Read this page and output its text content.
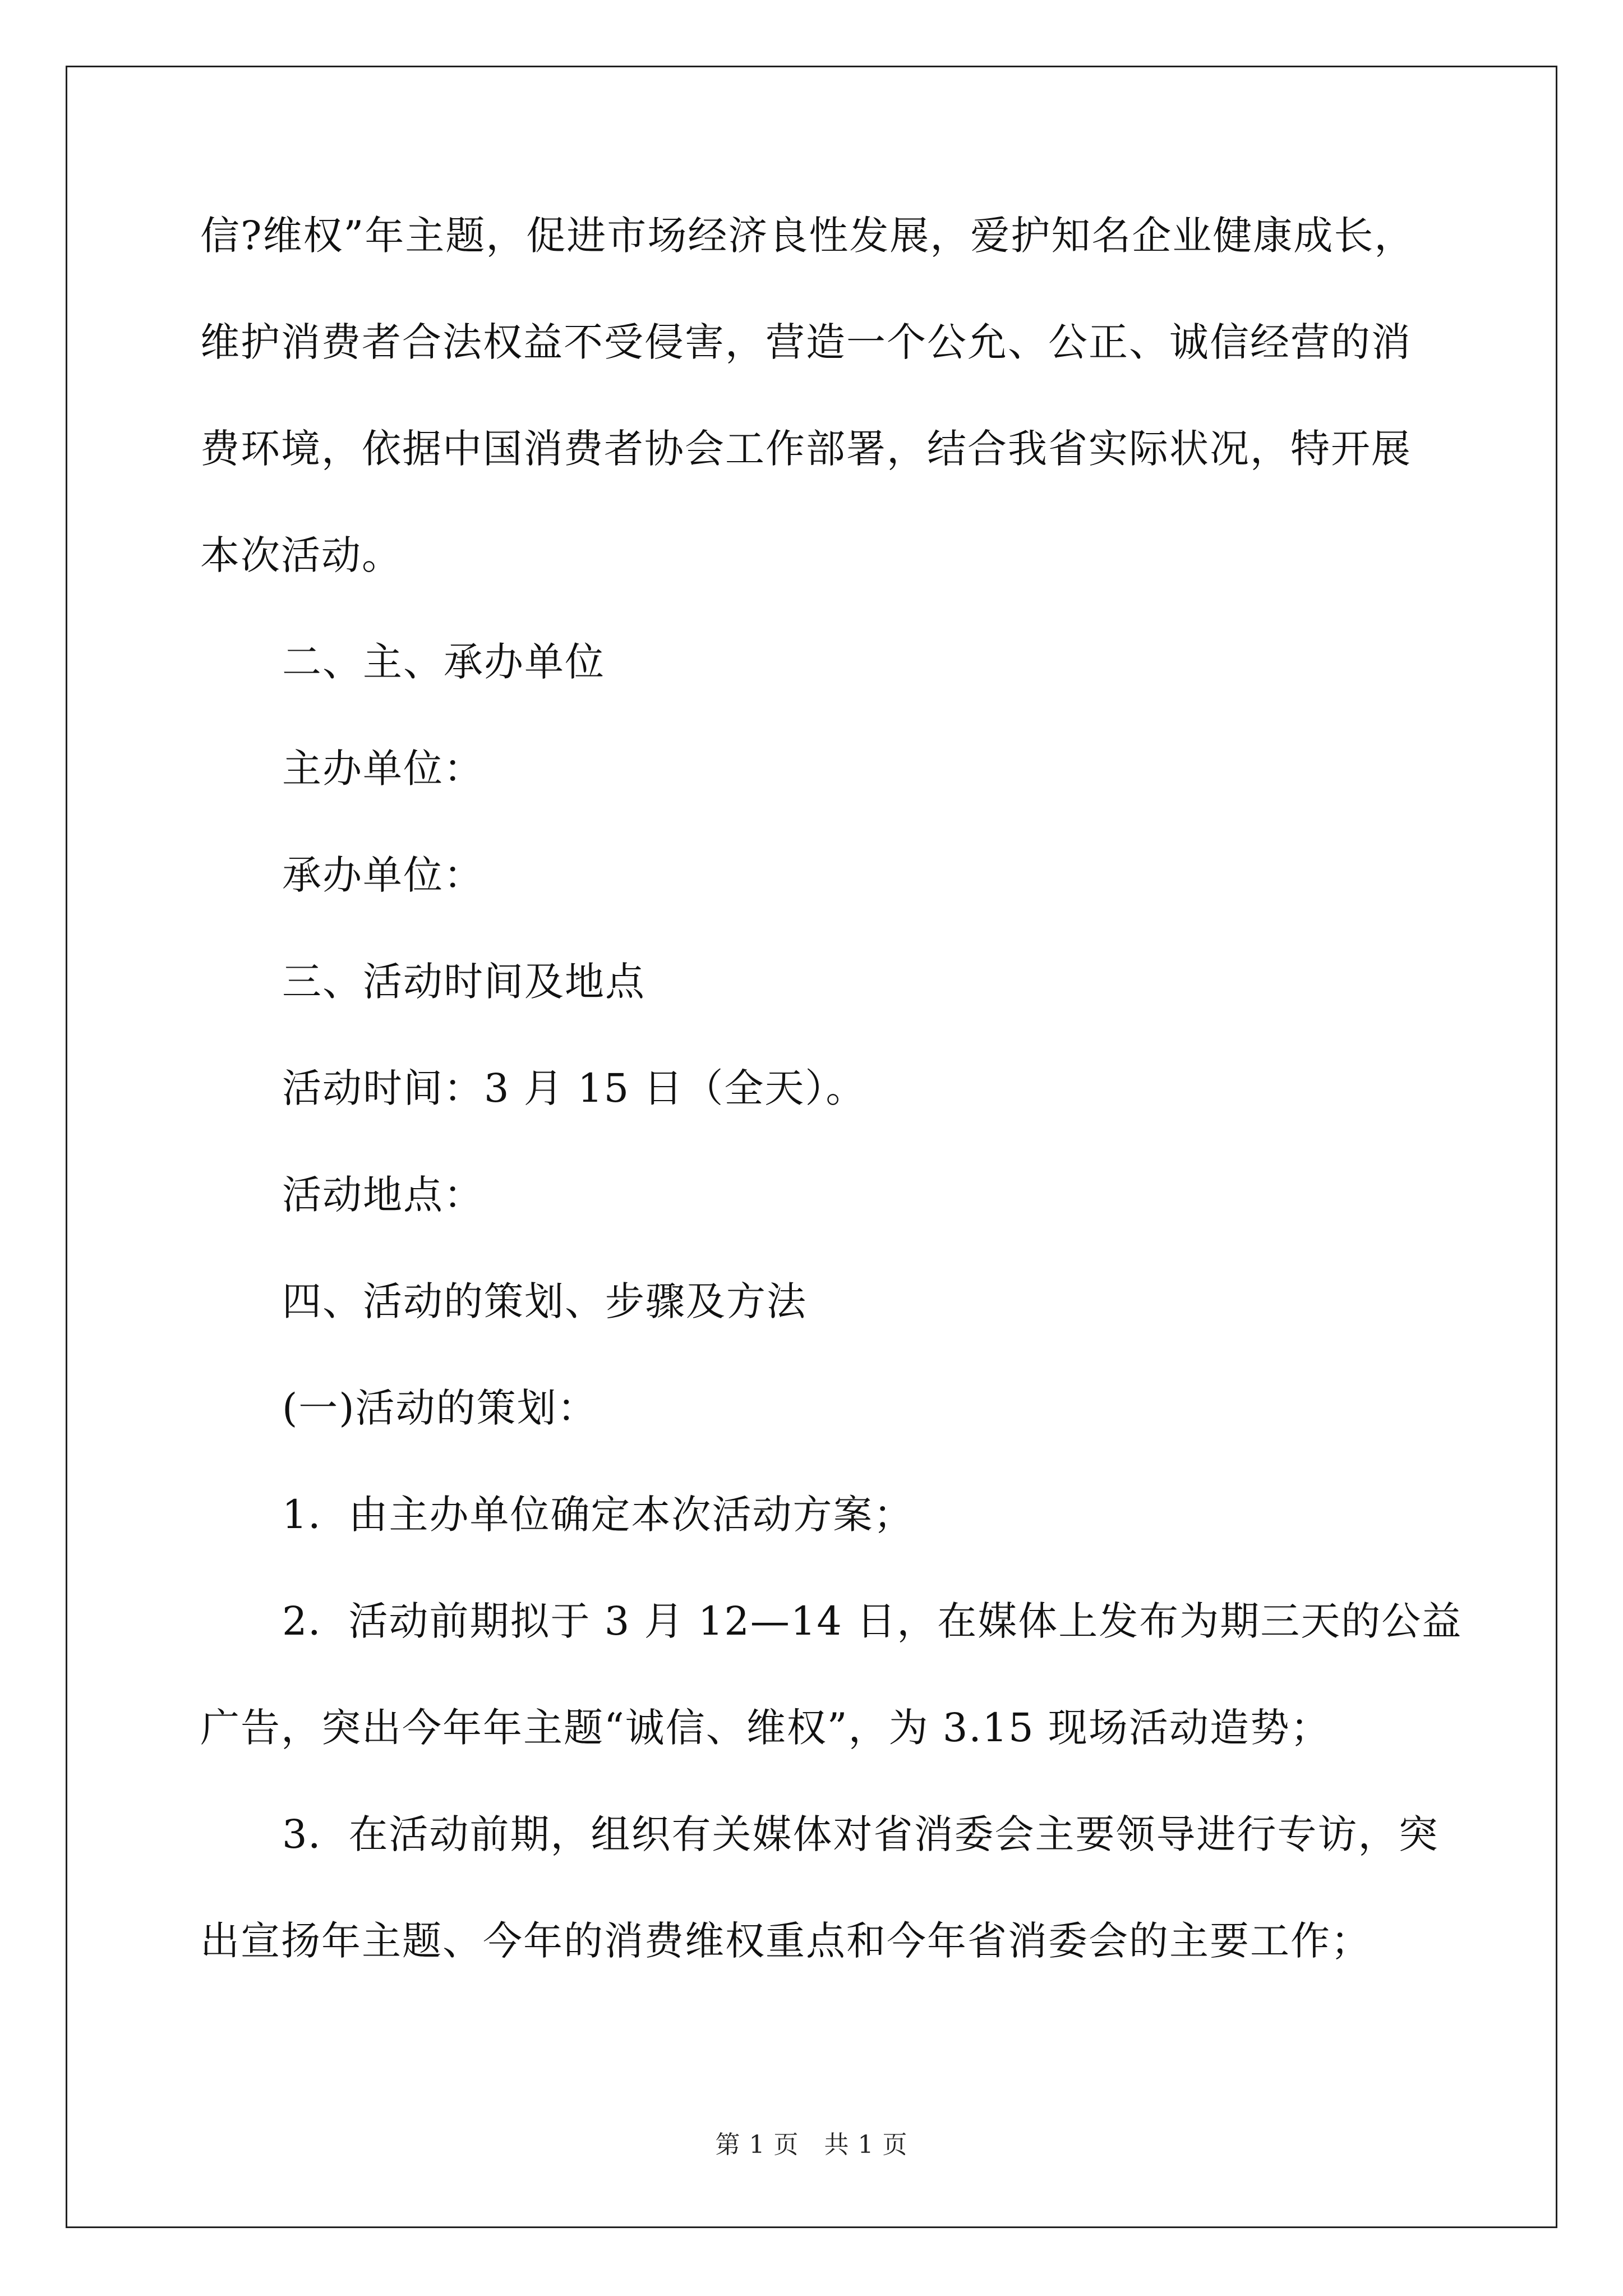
信?维权”年主题，促进市场经济良性发展，爱护知名企业健康成长，
维护消费者合法权益不受侵害，营造一个公允、公正、诚信经营的消
费环境，依据中国消费者协会工作部署，结合我省实际状况，特开展
本次活动。
二、主、承办单位
主办单位：
承办单位：
三、活动时间及地点
活动时间：3 月 15 日（全天）。
活动地点：
四、活动的策划、步骤及方法
(一)活动的策划：
1．由主办单位确定本次活动方案；
2．活动前期拟于 3 月 12—14 日，在媒体上发布为期三天的公益
广告，突出今年年主题“诚信、维权”，为 3.15 现场活动造势；
3．在活动前期，组织有关媒体对省消委会主要领导进行专访，突
出宣扬年主题、今年的消费维权重点和今年省消委会的主要工作；
第 1 页　共 1 页
